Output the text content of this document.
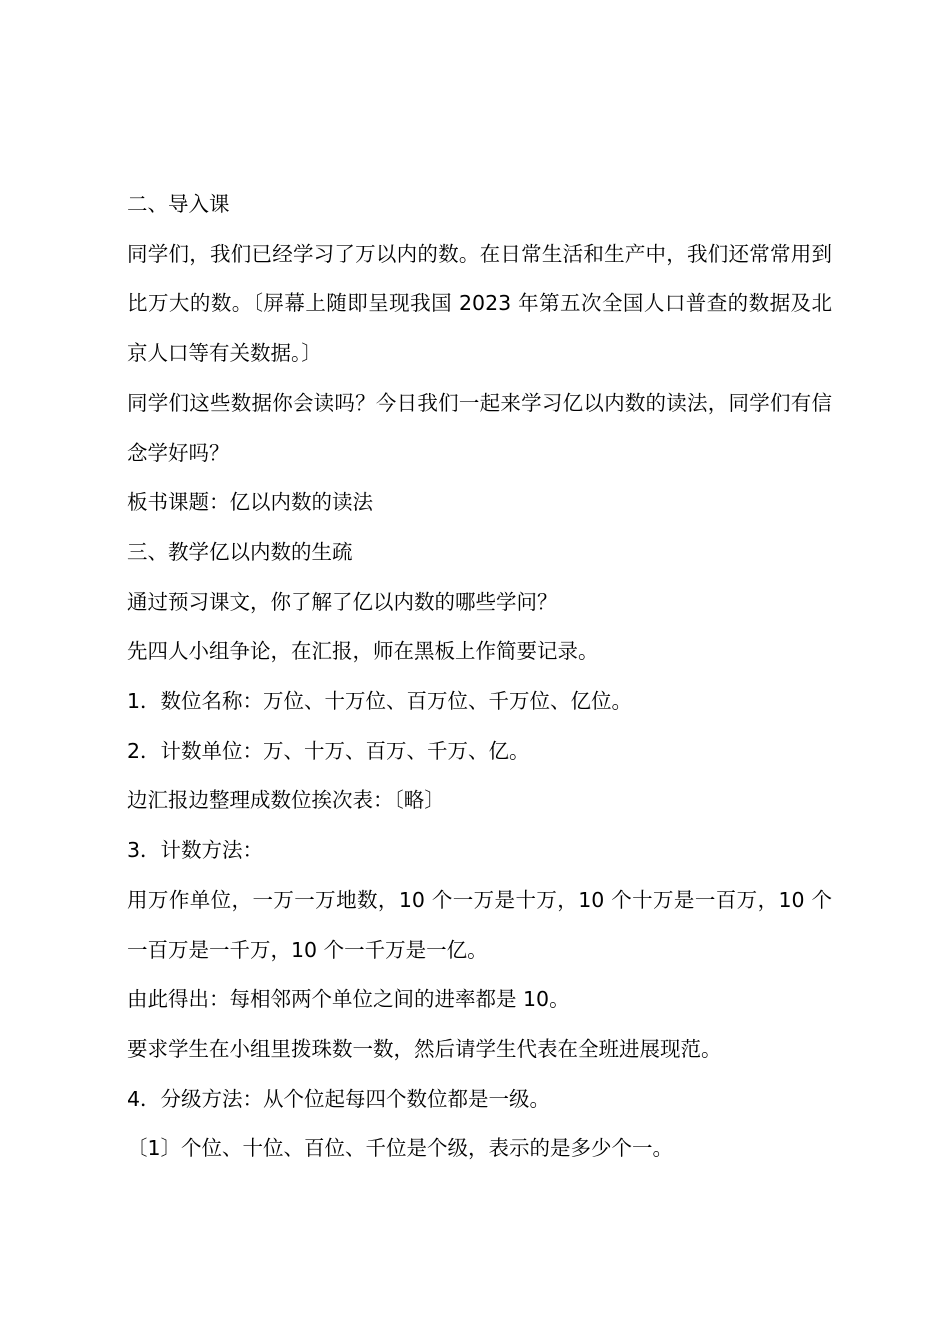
二、导入课

同学们，我们已经学习了万以内的数。在日常生活和生产中，我们还常常用到比万大的数。〔屏幕上随即呈现我国 2023 年第五次全国人口普查的数据及北京人口等有关数据。〕

同学们这些数据你会读吗？今日我们一起来学习亿以内数的读法，同学们有信念学好吗？

板书课题：亿以内数的读法

三、教学亿以内数的生疏

通过预习课文，你了解了亿以内数的哪些学问？

先四人小组争论，在汇报，师在黑板上作简要记录。

1．数位名称：万位、十万位、百万位、千万位、亿位。

2．计数单位：万、十万、百万、千万、亿。

边汇报边整理成数位挨次表：〔略〕

3．计数方法：

用万作单位，一万一万地数，10 个一万是十万，10 个十万是一百万，10 个一百万是一千万，10 个一千万是一亿。

由此得出：每相邻两个单位之间的进率都是 10。

要求学生在小组里拨珠数一数，然后请学生代表在全班进展现范。

4．分级方法：从个位起每四个数位都是一级。

〔1〕个位、十位、百位、千位是个级，表示的是多少个一。
